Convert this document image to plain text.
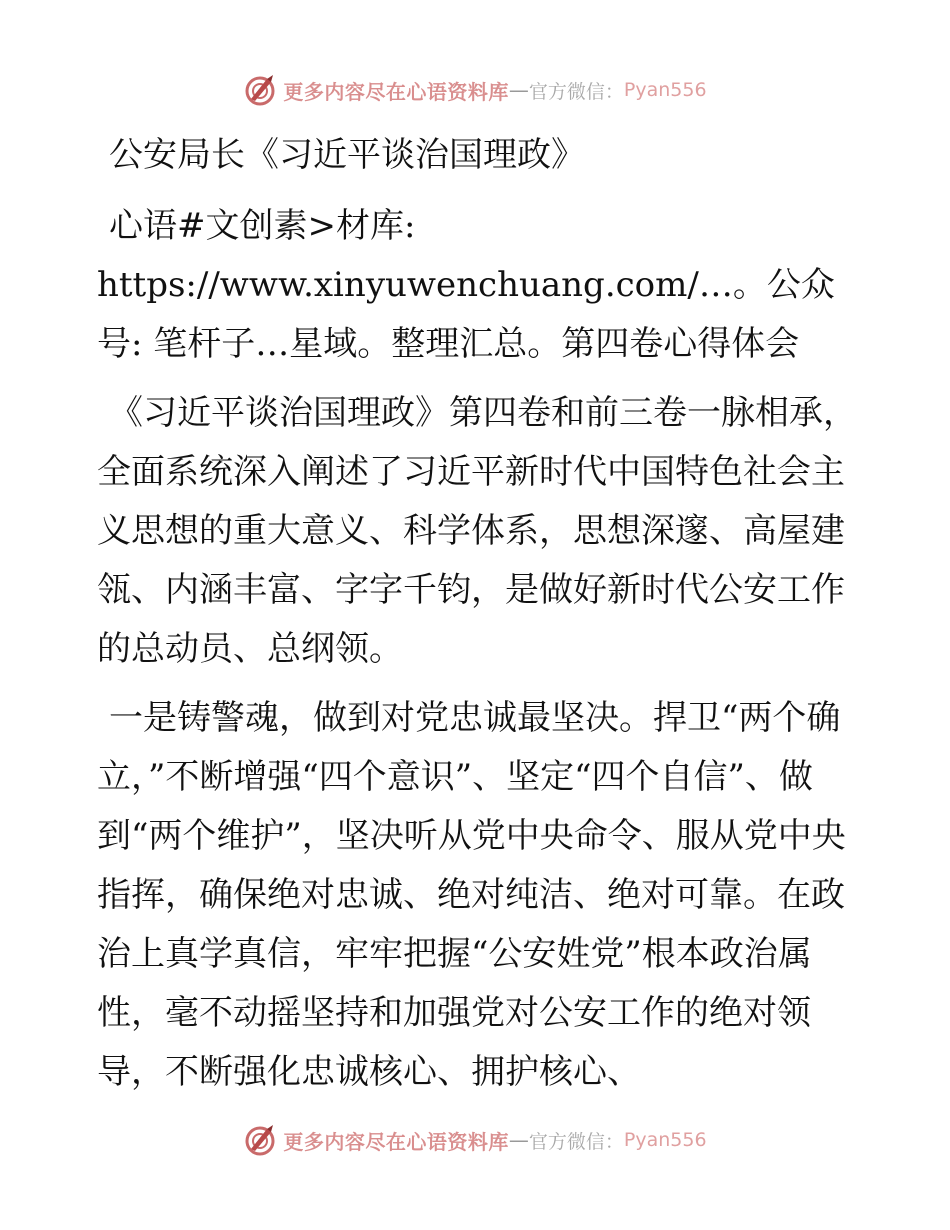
更多内容尽在心语资料库 — 官方微信： Pyan556
公安局长《习近平谈治国理政》

心语#文创素>材库: https://www.xinyuwenchuang.com/…。公众号: 笔杆子…星域。整理汇总。第四卷心得体会

《习近平谈治国理政》第四卷和前三卷一脉相承，全面系统深入阐述了习近平新时代中国特色社会主义思想的重大意义、科学体系，思想深邃、高屋建瓴、内涵丰富、字字千钧，是做好新时代公安工作的总动员、总纲领。

一是铸警魂，做到对党忠诚最坚决。捍卫“两个确立，”不断增强“四个意识”、坚定“四个自信”、做到“两个维护”，坚决听从党中央命令、服从党中央指挥，确保绝对忠诚、绝对纯洁、绝对可靠。在政治上真学真信，牢牢把握“公安姓党”根本政治属性，毫不动摇坚持和加强党对公安工作的绝对领导，不断强化忠诚核心、拥护核心、

更多内容尽在心语资料库 — 官方微信： Pyan556
